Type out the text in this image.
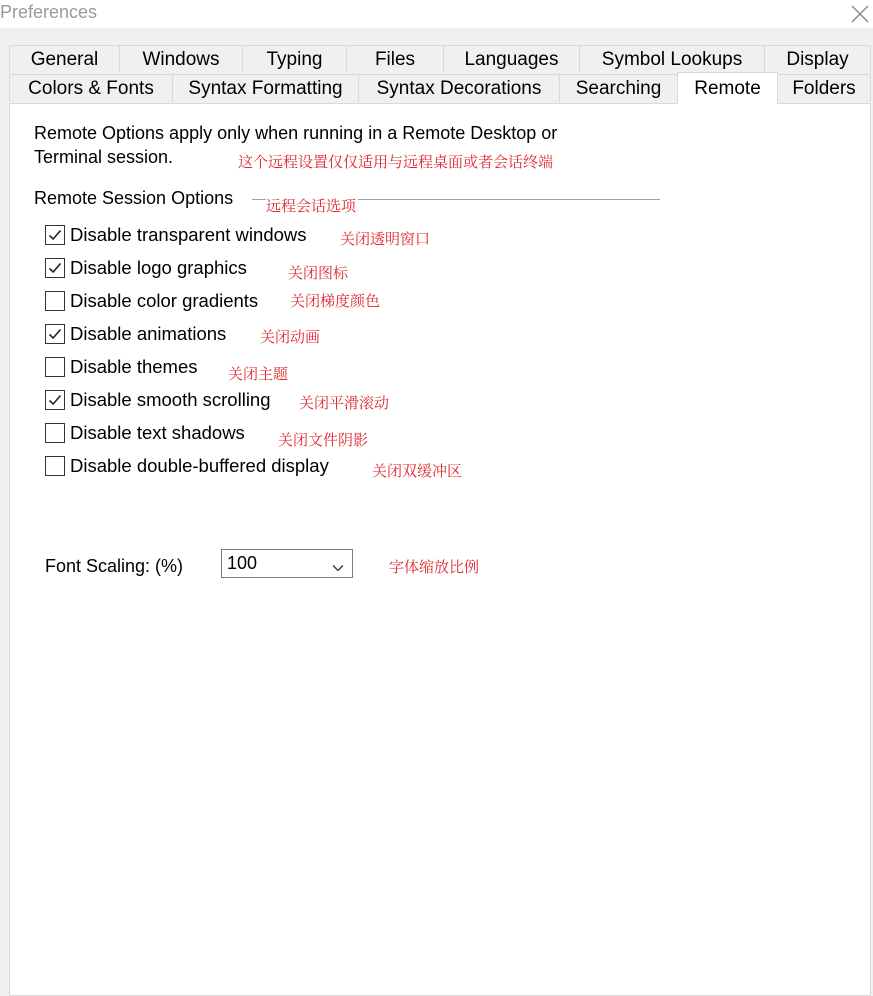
Preferences
General	Windows	Typing	Files	Languages	Symbol Lookups	Display
Colors & Fonts	Syntax Formatting	Syntax Decorations	Searching	Remote	Folders
Remote Options apply only when running in a Remote Desktop or
Terminal session.	这个远程设置仅仅适用与远程桌面或者会话终端
Remote Session Options 远程会话选项
Disable transparent windows 关闭透明窗口
Disable logo graphics	关闭图标
Disable color gradients 关闭梯度颜色
Disable animations 关闭动画
Disable themes 关闭主题
Disable smooth scrolling 关闭平滑滚动
Disable text shadows 关闭文件阴影
Disable double-buffered display	关闭双缓冲区
Font Scaling: (%) 100	字体缩放比例
